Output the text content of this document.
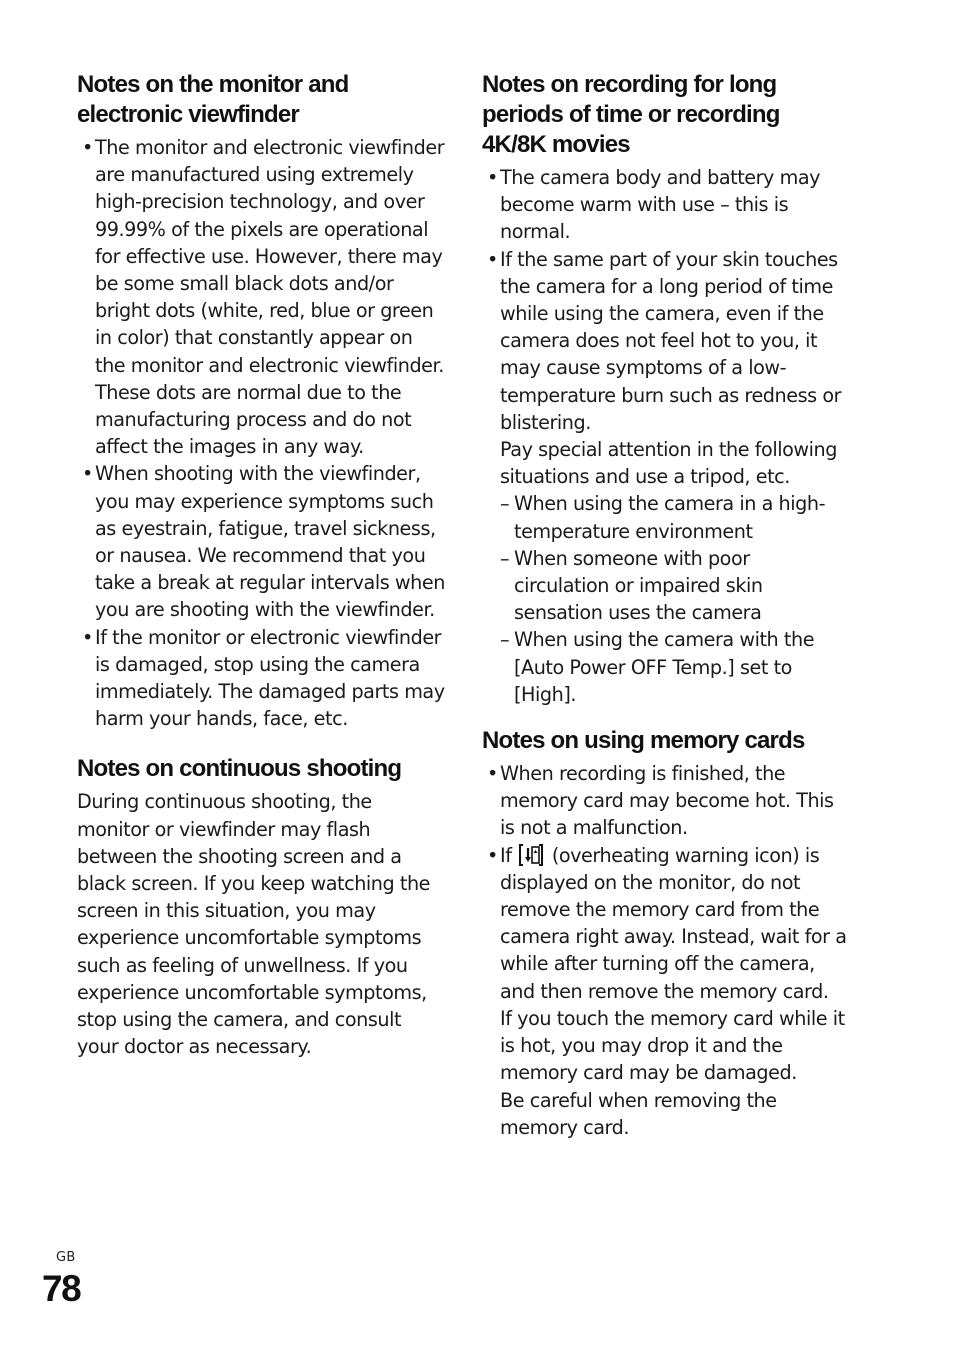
Notes on the monitor and electronic viewfinder
• The monitor and electronic viewfinder are manufactured using extremely high-precision technology, and over 99.99% of the pixels are operational for effective use. However, there may be some small black dots and/or bright dots (white, red, blue or green in color) that constantly appear on the monitor and electronic viewfinder. These dots are normal due to the manufacturing process and do not affect the images in any way.
• When shooting with the viewfinder, you may experience symptoms such as eyestrain, fatigue, travel sickness, or nausea. We recommend that you take a break at regular intervals when you are shooting with the viewfinder.
• If the monitor or electronic viewfinder is damaged, stop using the camera immediately. The damaged parts may harm your hands, face, etc.
Notes on continuous shooting

During continuous shooting, the monitor or viewfinder may flash between the shooting screen and a black screen. If you keep watching the screen in this situation, you may experience uncomfortable symptoms such as feeling of unwellness. If you experience uncomfortable symptoms, stop using the camera, and consult your doctor as necessary.

Notes on recording for long periods of time or recording 4K/8K movies
• The camera body and battery may become warm with use – this is normal.
• If the same part of your skin touches the camera for a long period of time while using the camera, even if the camera does not feel hot to you, it may cause symptoms of a low-temperature burn such as redness or blistering.
Pay special attention in the following situations and use a tripod, etc.
– When using the camera in a high-temperature environment
– When someone with poor circulation or impaired skin sensation uses the camera
– When using the camera with the [Auto Power OFF Temp.] set to [High].
Notes on using memory cards
• When recording is finished, the memory card may become hot. This is not a malfunction.
• If (overheating warning icon) is displayed on the monitor, do not remove the memory card from the camera right away. Instead, wait for a while after turning off the camera, and then remove the memory card.
If you touch the memory card while it is hot, you may drop it and the memory card may be damaged.
Be careful when removing the memory card.
GB
78
